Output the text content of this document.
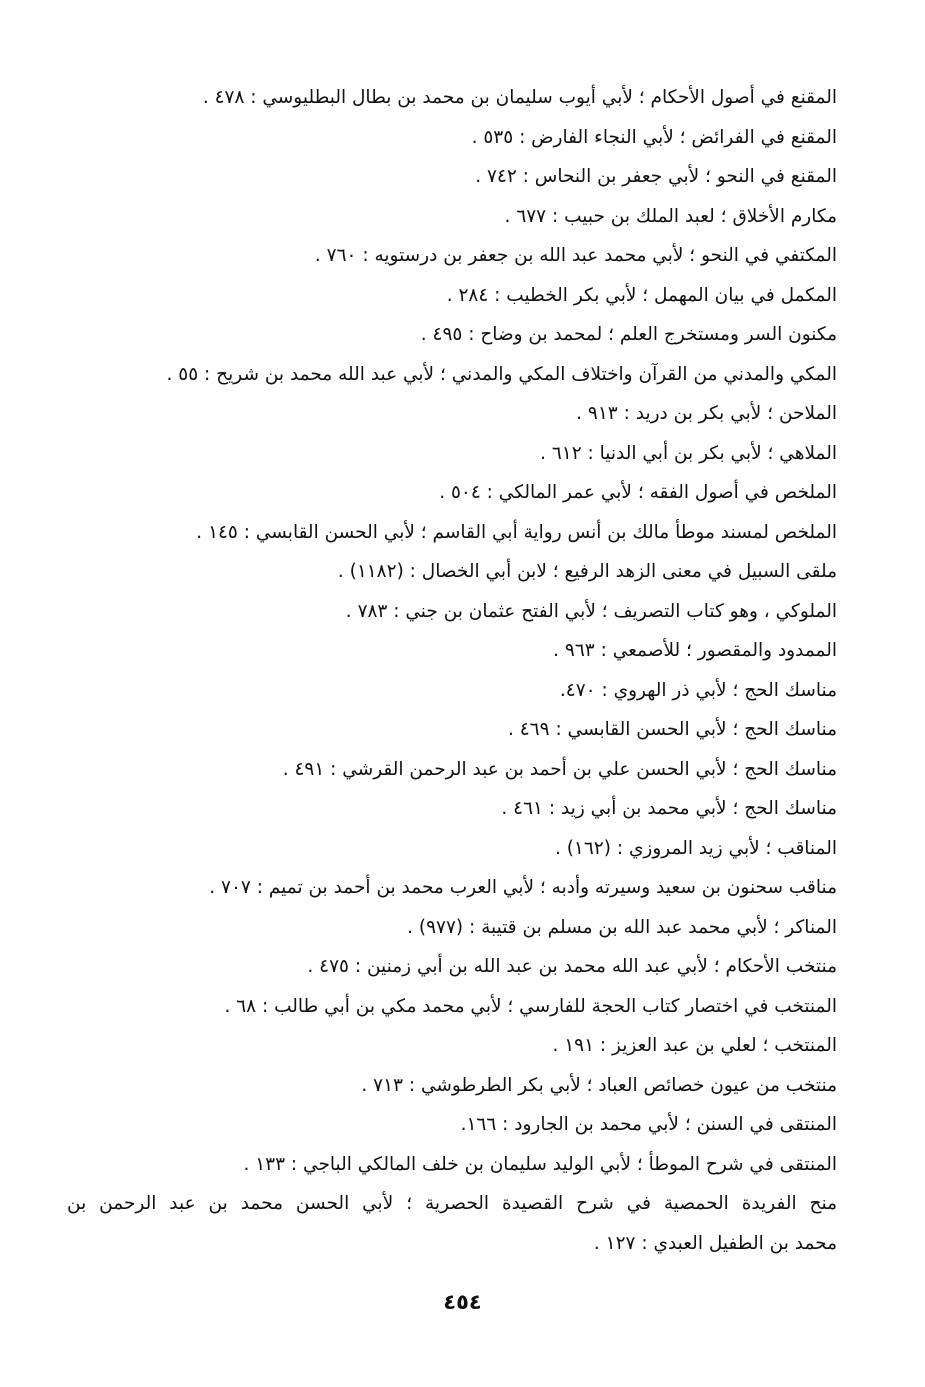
المقنع في أصول الأحكام ؛ لأبي أيوب سليمان بن محمد بن بطال البطليوسي : ٤٧٨ .
المقنع في الفرائض ؛ لأبي النجاء الفارض : ٥٣٥ .
المقنع في النحو ؛ لأبي جعفر بن النحاس : ٧٤٢ .
مكارم الأخلاق ؛ لعبد الملك بن حبيب : ٦٧٧ .
المكتفي في النحو ؛ لأبي محمد عبد الله بن جعفر بن درستويه : ٧٦٠ .
المكمل في بيان المهمل ؛ لأبي بكر الخطيب : ٢٨٤ .
مكنون السر ومستخرج العلم ؛ لمحمد بن وضاح : ٤٩٥ .
المكي والمدني من القرآن واختلاف المكي والمدني ؛ لأبي عبد الله محمد بن شريح : ٥٥ .
الملاحن ؛ لأبي بكر بن دريد : ٩١٣ .
الملاهي ؛ لأبي بكر بن أبي الدنيا : ٦١٢ .
الملخص في أصول الفقه ؛ لأبي عمر المالكي : ٥٠٤ .
الملخص لمسند موطأ مالك بن أنس رواية أبي القاسم ؛ لأبي الحسن القابسي : ١٤٥ .
ملقى السبيل في معنى الزهد الرفيع ؛ لابن أبي الخصال : (١١٨٢) .
الملوكي ، وهو كتاب التصريف ؛ لأبي الفتح عثمان بن جني : ٧٨٣ .
الممدود والمقصور ؛ للأصمعي : ٩٦٣ .
مناسك الحج ؛ لأبي ذر الهروي : ٤٧٠.
مناسك الحج ؛ لأبي الحسن القابسي : ٤٦٩ .
مناسك الحج ؛ لأبي الحسن علي بن أحمد بن عبد الرحمن القرشي : ٤٩١ .
مناسك الحج ؛ لأبي محمد بن أبي زيد : ٤٦١ .
المناقب ؛ لأبي زيد المروزي : (١٦٢) .
مناقب سحنون بن سعيد وسيرته وأدبه ؛ لأبي العرب محمد بن أحمد بن تميم : ٧٠٧ .
المناكر ؛ لأبي محمد عبد الله بن مسلم بن قتيبة : (٩٧٧) .
منتخب الأحكام ؛ لأبي عبد الله محمد بن عبد الله بن أبي زمنين : ٤٧٥ .
المنتخب في اختصار كتاب الحجة للفارسي ؛ لأبي محمد مكي بن أبي طالب : ٦٨ .
المنتخب ؛ لعلي بن عبد العزيز : ١٩١ .
منتخب من عيون خصائص العباد ؛ لأبي بكر الطرطوشي : ٧١٣ .
المنتقى في السنن ؛ لأبي محمد بن الجارود : ١٦٦.
المنتقى في شرح الموطأ ؛ لأبي الوليد سليمان بن خلف المالكي الباجي : ١٣٣ .
منح الفريدة الحمصية في شرح القصيدة الحصرية ؛ لأبي الحسن محمد بن عبد الرحمن بن
محمد بن الطفيل العبدي : ١٢٧ .
٤٥٤
